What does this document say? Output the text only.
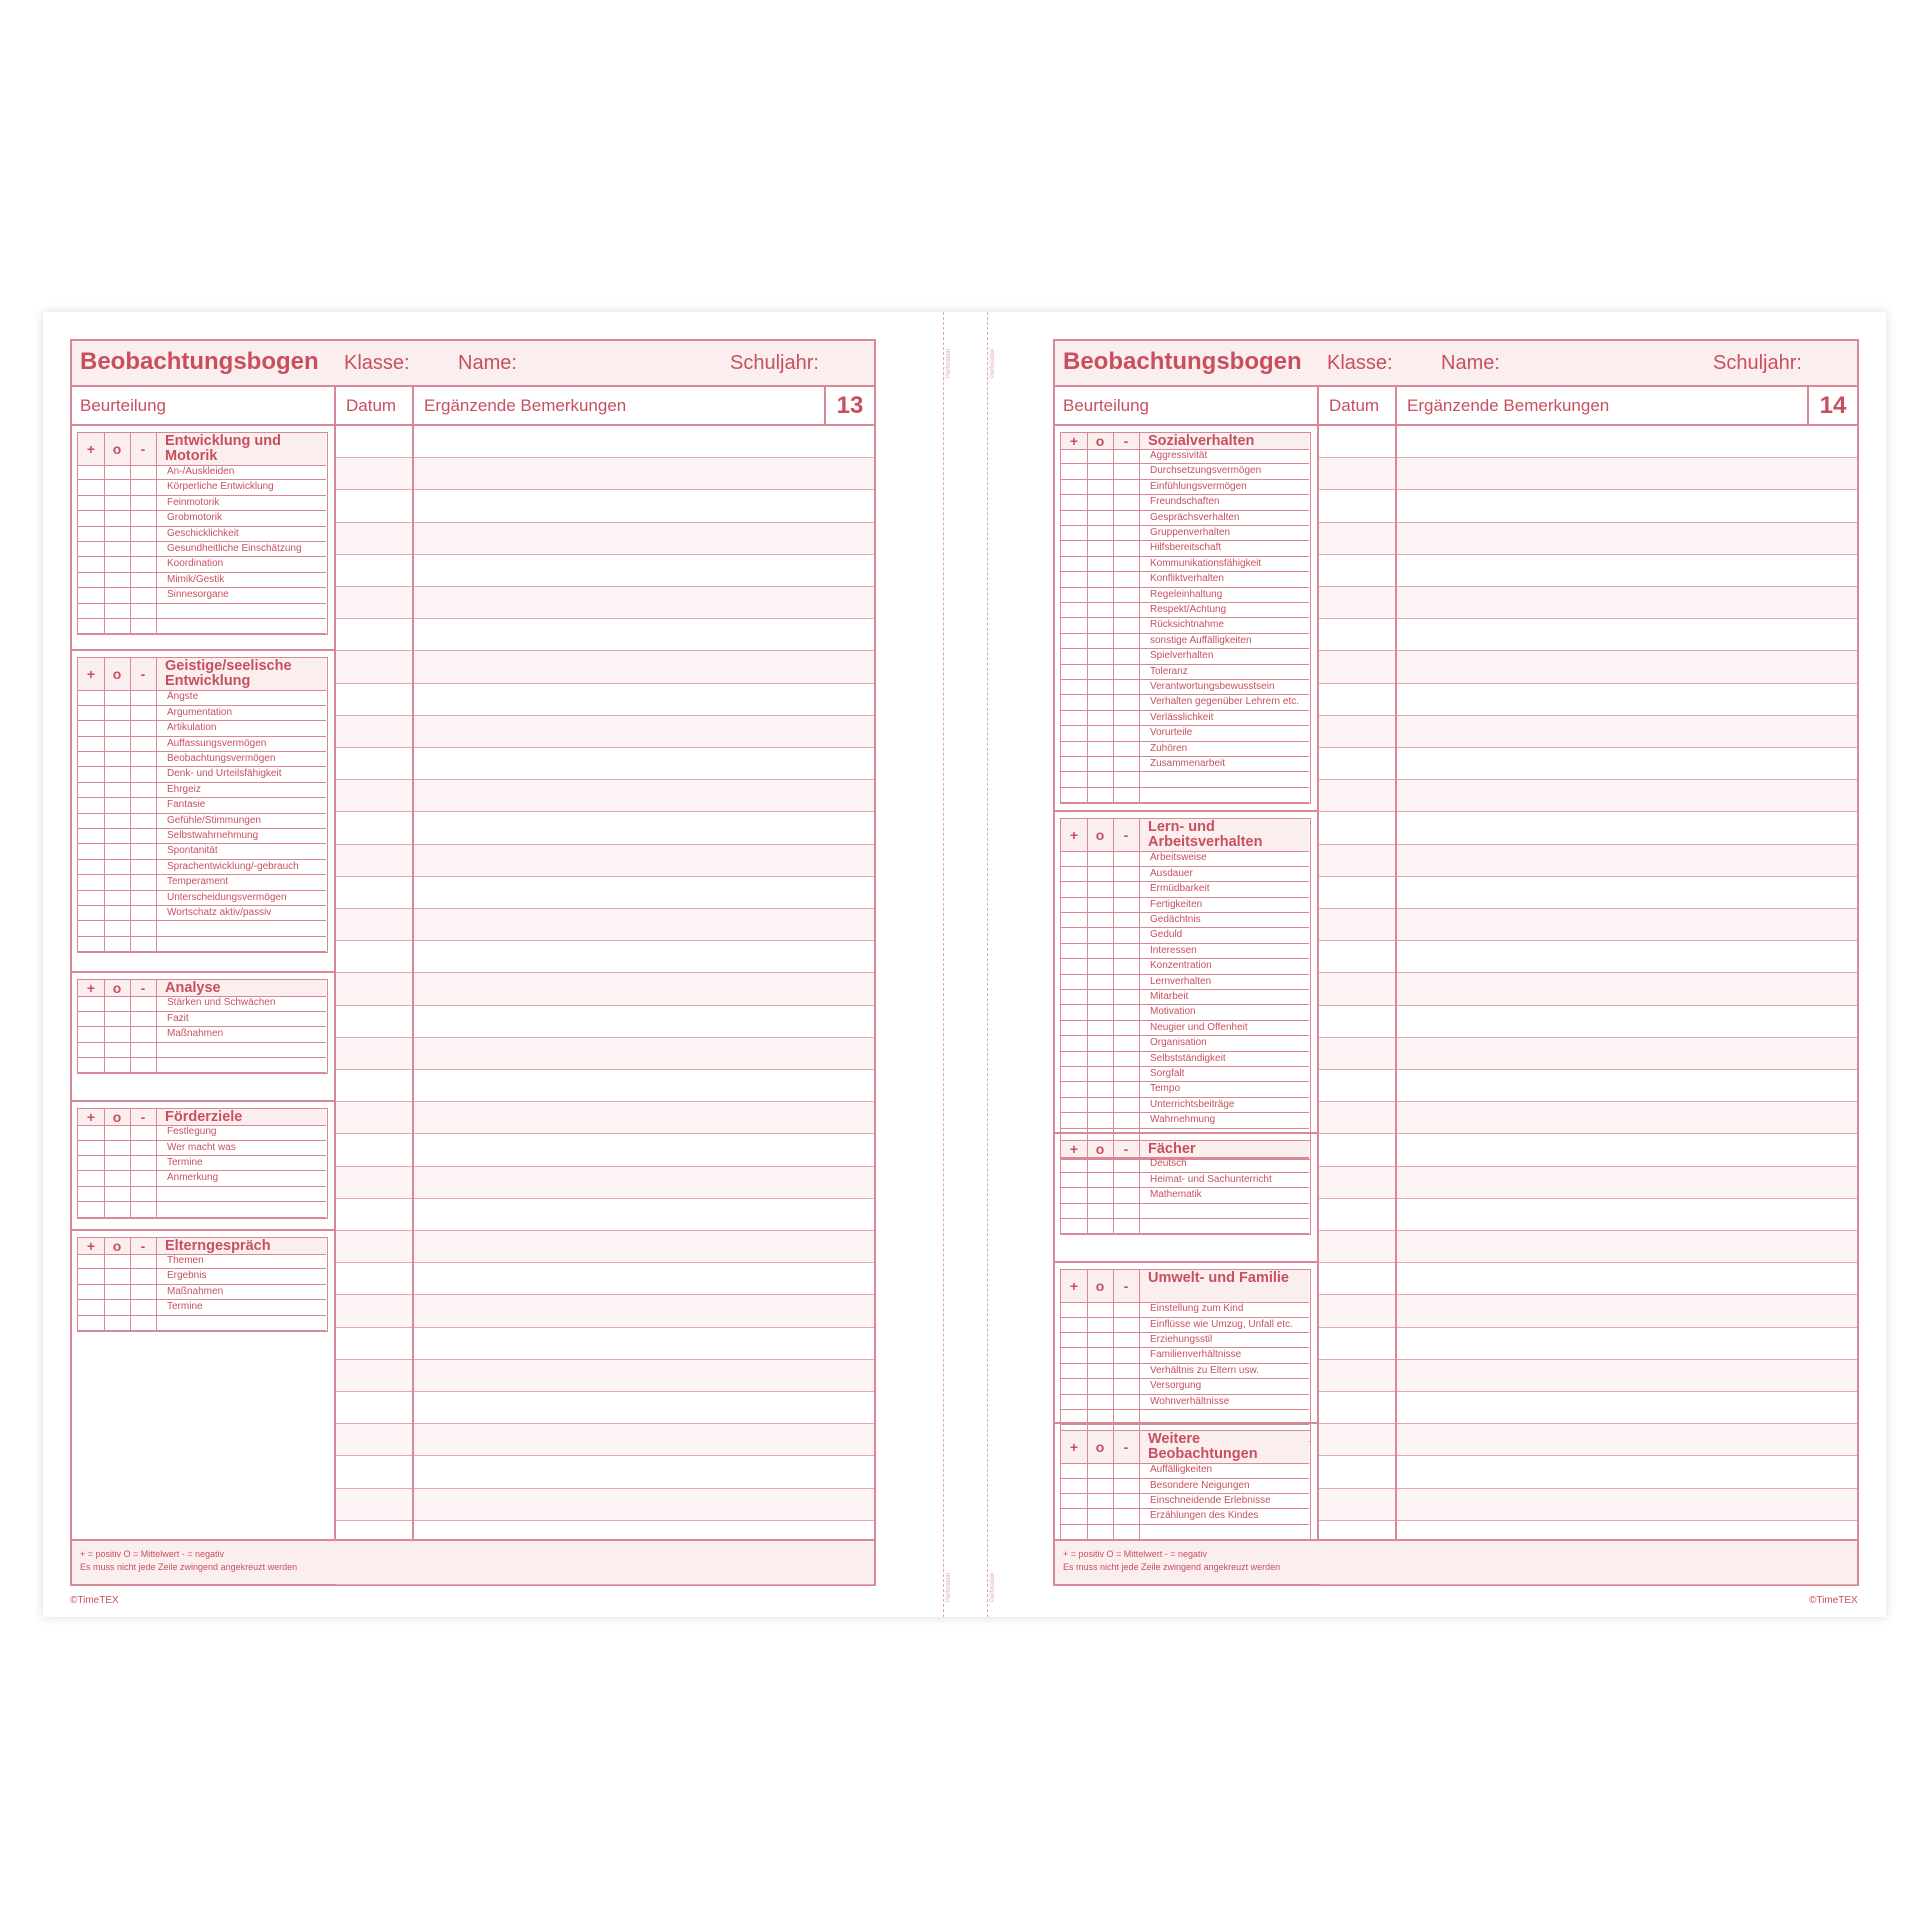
Perforation	Perforation
Perforation	Perforation
Beobachtungsbogen Klasse: Name:	Schuljahr:
Beurteilung	Datum Ergänzende Bemerkungen	13
+	o	-	Entwicklung und Motorik
An-/Auskleiden
Körperliche Entwicklung
Feinmotorik
Grobmotorik
Geschicklichkeit
Gesundheitliche Einschätzung
Koordination
Mimik/Gestik
Sinnesorgane
+	o	-	Geistige/seelische Entwicklung
Ängste
Argumentation
Artikulation
Auffassungsvermögen
Beobachtungsvermögen
Denk- und Urteilsfähigkeit
Ehrgeiz
Fantasie
Gefühle/Stimmungen
Selbstwahrnehmung
Spontanität
Sprachentwicklung/-gebrauch
Temperament
Unterscheidungsvermögen
Wortschatz aktiv/passiv
+	o	-	Analyse
Stärken und Schwächen
Fazit
Maßnahmen
+	o	-	Förderziele
Festlegung
Wer macht was
Termine
Anmerkung
+	o	-	Elterngespräch
Themen
Ergebnis
Maßnahmen
Termine
+ = positiv O = Mittelwert - = negativ
Es muss nicht jede Zeile zwingend angekreuzt werden
Beobachtungsbogen Klasse: Name:	Schuljahr:
Beurteilung	Datum Ergänzende Bemerkungen	14
+	o	-	Sozialverhalten
Aggressivität
Durchsetzungsvermögen
Einfühlungsvermögen
Freundschaften
Gesprächsverhalten
Gruppenverhalten
Hilfsbereitschaft
Kommunikationsfähigkeit
Konfliktverhalten
Regeleinhaltung
Respekt/Achtung
Rücksichtnahme
sonstige Auffälligkeiten
Spielverhalten
Toleranz
Verantwortungsbewusstsein
Verhalten gegenüber Lehrern etc.
Verlässlichkeit
Vorurteile
Zuhören
Zusammenarbeit
+	o	-	Lern- und Arbeitsverhalten
Arbeitsweise
Ausdauer
Ermüdbarkeit
Fertigkeiten
Gedächtnis
Geduld
Interessen
Konzentration
Lernverhalten
Mitarbeit
Motivation
Neugier und Offenheit
Organisation
Selbstständigkeit
Sorgfalt
Tempo
Unterrichtsbeiträge
Wahrnehmung
+	o	-	Fächer
Deutsch
Heimat- und Sachunterricht
Mathematik
+	o	-	Umwelt- und Familie
Einstellung zum Kind
Einflüsse wie Umzug, Unfall etc.
Erziehungsstil
Familienverhältnisse
Verhältnis zu Eltern usw.
Versorgung
Wohnverhältnisse
+	o	-	Weitere Beobachtungen
Auffälligkeiten
Besondere Neigungen
Einschneidende Erlebnisse
Erzählungen des Kindes
+ = positiv O = Mittelwert - = negativ
Es muss nicht jede Zeile zwingend angekreuzt werden
©TimeTEX	©TimeTEX
